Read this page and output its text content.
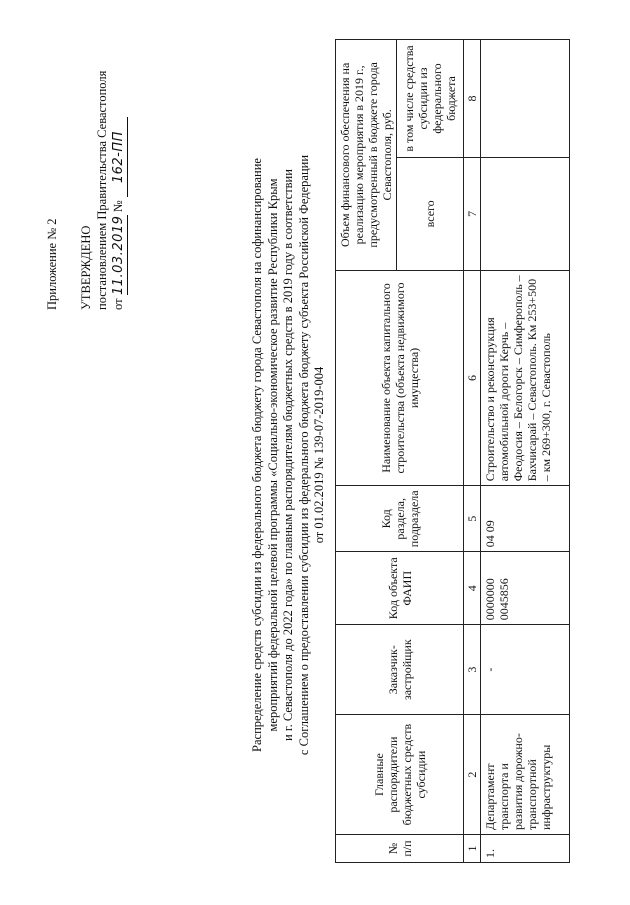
Приложение № 2 УТВЕРЖДЕНО постановлением Правительства Севастополя от 11.03.2019 № 162-ПП
Распределение средств субсидии из федерального бюджета бюджету города Севастополя на софинансирование мероприятий федеральной целевой программы «Социально-экономическое развитие Республики Крым и г. Севастополя до 2022 года» по главным распорядителям бюджетных средств в 2019 году в соответствии с Соглашением о предоставлении субсидии из федерального бюджета бюджету субъекта Российской Федерации от 01.02.2019 № 139-07-2019-004
№ п/п	Главные распорядители бюджетных средств субсидии	Заказчик-застройщик	Код объекта ФАИП	Код раздела, подраздела	Наименование объекта капитального строительства (объекта недвижимого имущества)	Объем финансового обеспечения на реализацию мероприятия в 2019 г., предусмотренный в бюджете города Севастополя, руб.	
						всего	в том числе средства субсидии из федерального бюджета
1	2	3	4	5	6	7	8
1.	Департамент транспорта и развития дорожно-транспортной инфраструктуры	-	0000000 0045856	04 09	Строительство и реконструкция автомобильной дороги Керчь – Феодосия – Белогорск – Симферополь – Бахчисарай – Севастополь. Км 253+500 – км 269+300, г. Севастополь		
